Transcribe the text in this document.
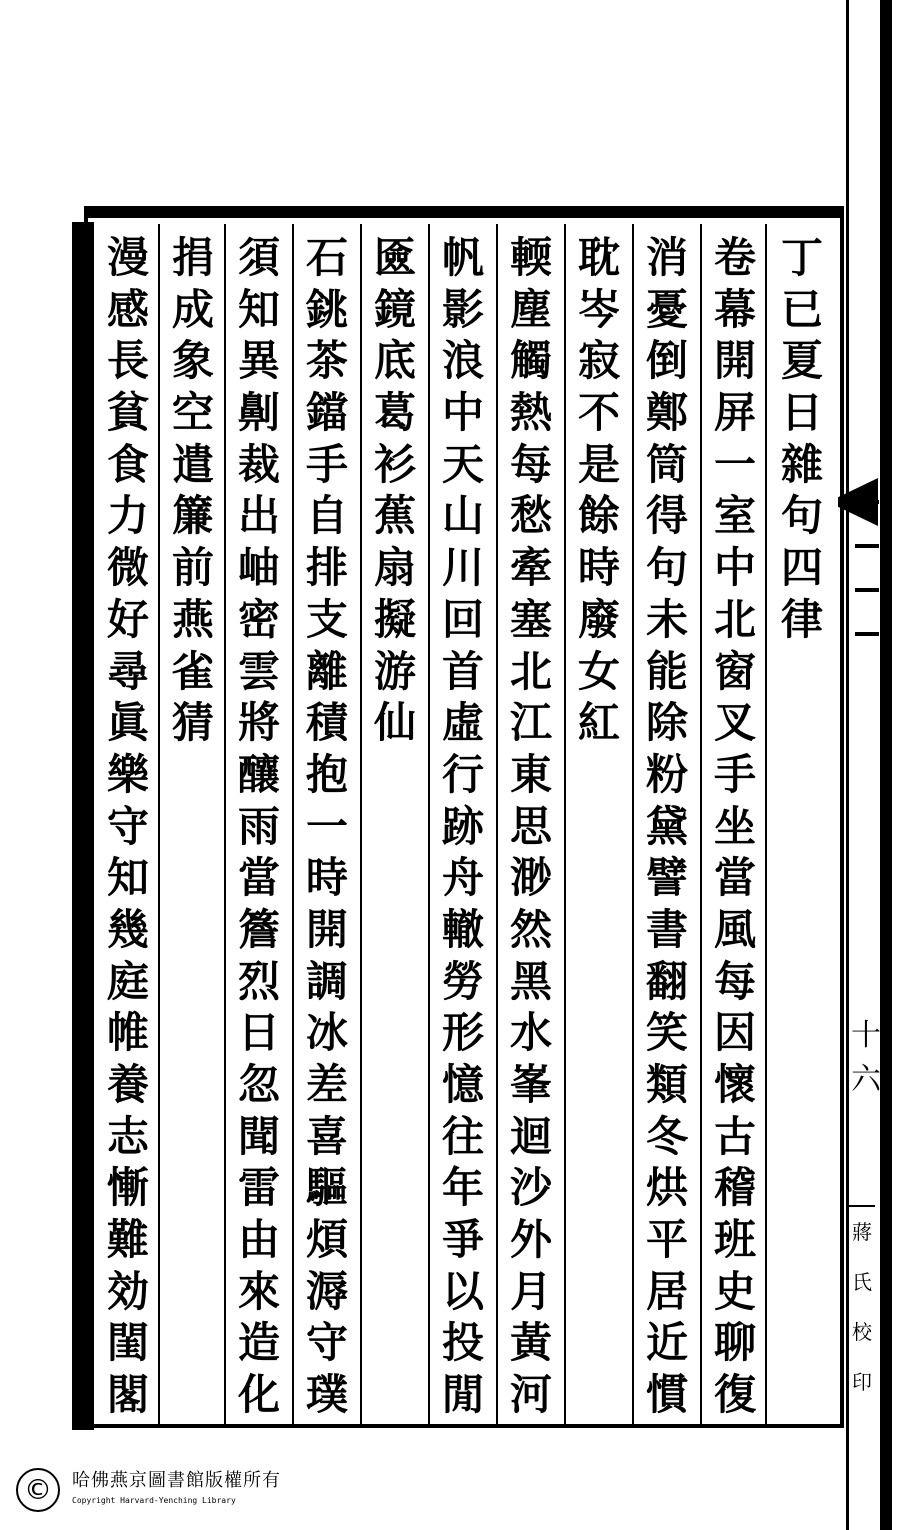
丁
已
夏
日
雜
句
四
律
卷
幕
開
屏
一
室
中
北
窗
叉
手
坐
當
風
每
因
懷
古
稽
班
史
聊
復
消
憂
倒
鄭
筒
得
句
未
能
除
粉
黛
譬
書
翻
笑
類
冬
烘
平
居
近
慣
耽
岑
寂
不
是
餘
時
廢
女
紅
輭
塵
觸
熱
每
愁
牽
塞
北
江
東
思
渺
然
黑
水
峯
迴
沙
外
月
黃
河
帆
影
浪
中
天
山
川
回
首
虛
行
跡
舟
轍
勞
形
憶
往
年
爭
以
投
閒
匳
鏡
底
葛
衫
蕉
扇
擬
游
仙
石
銚
茶
鐺
手
自
排
支
離
積
抱
一
時
開
調
冰
差
喜
驅
煩
溽
守
璞
須
知
異
劓
裁
出
岫
密
雲
將
釀
雨
當
簷
烈
日
忽
聞
雷
由
來
造
化
捐
成
象
空
遣
簾
前
燕
雀
猜
漫
感
長
貧
食
力
微
好
尋
眞
樂
守
知
幾
庭
帷
養
志
慚
難
効
閨
閣
十六
蔣
氏
校
印
©	哈佛燕京圖書館版權所有
Copyright Harvard-Yenching Library
